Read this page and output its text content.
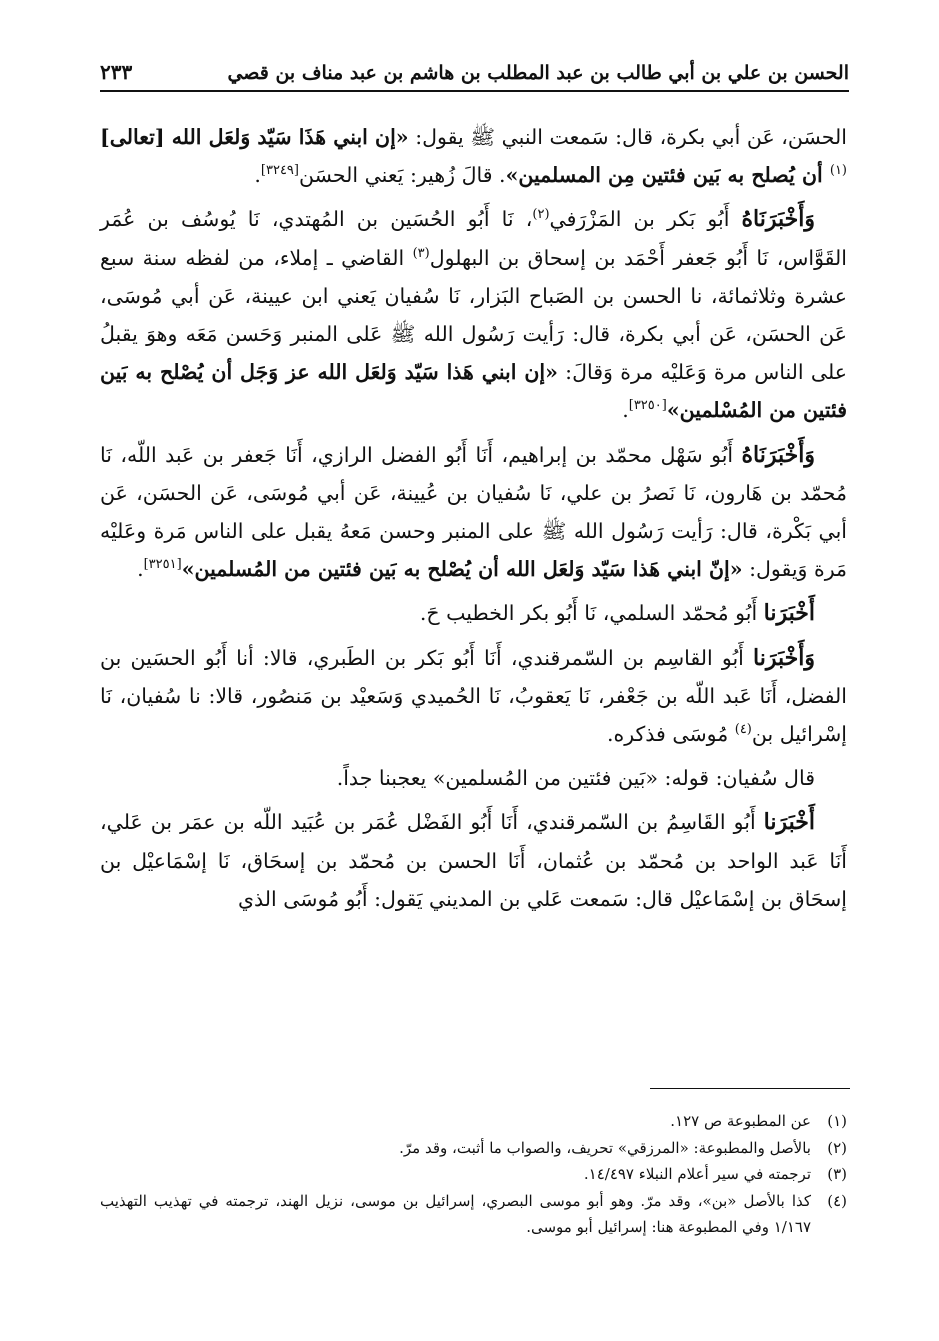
الحسن بن علي بن أبي طالب بن عبد المطلب بن هاشم بن عبد مناف بن قصي
٢٣٣

الحسَن، عَن أبي بكرة، قال: سَمعت النبي ﷺ يقول: «إن ابني هَذَا سَيّد وَلعَل الله [تعالى]$^{(١)}$ أن يُصلح به بَين فئتين مِن المسلمين». قالَ زُهير: يَعني الحسَن[٣٢٤٩].

وَأَخْبَرَنَاهُ أَبُو بَكر بن المَزْرَفي$^{(٢)}$، نَا أَبُو الحُسَين بن المُهتدي، نَا يُوسُف بن عُمَر القَوَّاس، نَا أَبُو جَعفر أَحْمَد بن إسحاق بن البهلول$^{(٣)}$ القاضي ـ إملاء، من لفظه سنة سبع عشرة وثلاثمائة، نا الحسن بن الصَباح البَزار، نَا سُفيان يَعني ابن عيينة، عَن أبي مُوسَى، عَن الحسَن، عَن أبي بكرة، قال: رَأيت رَسُول الله ﷺ عَلى المنبر وَحَسن مَعَه وهوَ يقبلُ على الناس مرة وَعَليْه مرة وَقالَ: «إن ابني هَذا سَيّد وَلعَل الله عز وَجَل أن يُصْلح به بَين فئتين من المُسْلمين»[٣٢٥٠].

وَأَخْبَرَنَاهُ أَبُو سَهْل محمّد بن إبراهيم، أَنَا أَبُو الفضل الرازي، أَنَا جَعفر بن عَبد اللّه، نَا مُحمّد بن هَارون، نَا نَصرُ بن علي، نَا سُفيان بن عُيينة، عَن أبي مُوسَى، عَن الحسَن، عَن أبي بَكْرة، قال: رَأيت رَسُول الله ﷺ على المنبر وحسن مَعهُ يقبل على الناس مَرة وعَليْه مَرة وَيقول: «إنّ ابني هَذا سَيّد وَلعَل الله أن يُصْلح به بَين فئتين من المُسلمين»[٣٢٥١].

أَخْبَرَنا أَبُو مُحمّد السلمي، نَا أَبُو بكر الخطيب حَ.

وَأَخْبَرَنا أَبُو القاسِم بن السّمرقندي، أَنَا أَبُو بَكر بن الطَبري، قالا: أنا أَبُو الحسَين بن الفضل، أَنَا عَبد اللّه بن جَعْفر، نَا يَعقوبُ، نَا الحُميدي وَسَعيْد بن مَنصُور، قالا: نا سُفيان، نَا إسْرائيل بن$^{(٤)}$ مُوسَى فذكره.

قال سُفيان: قوله: «بَين فئتين من المُسلمين» يعجبنا جداً.

أَخْبَرَنا أَبُو القَاسِمُ بن السّمرقندي، أَنَا أَبُو الفَضْل عُمَر بن عُبَيد اللّه بن عمَر بن عَلي، أَنَا عَبد الواحد بن مُحمّد بن عُثمان، أَنَا الحسن بن مُحمّد بن إسحَاق، نَا إسْمَاعيْل بن إسحَاق بن إسْمَاعيْل قال: سَمعت عَلي بن المديني يَقول: أَبُو مُوسَى الذي

(١)
عن المطبوعة ص ١٢٧.
(٢)
بالأصل والمطبوعة: «المرزقي» تحريف، والصواب ما أثبت، وقد مرّ.
(٣)
ترجمته في سير أعلام النبلاء ١٤/٤٩٧.
(٤)
كذا بالأصل «بن»، وقد مرّ. وهو أبو موسى البصري، إسرائيل بن موسى، نزيل الهند، ترجمته في تهذيب التهذيب ١/١٦٧ وفي المطبوعة هنا: إسرائيل أبو موسى.
